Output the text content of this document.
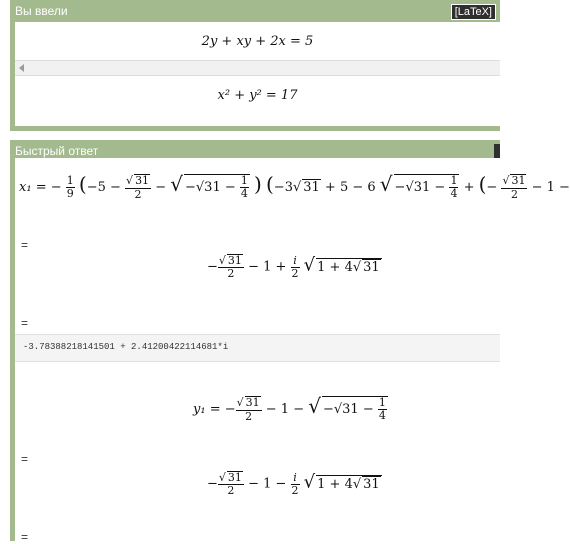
Вы ввели	[LaTeX]
2y + xy + 2x = 5
x² + y² = 17
Быстрый ответ
x₁ = − $\frac{1}{9} (-5 - \frac{√ 31}{2}$ − √ $-√31 - \frac{1}{4}$ ) (−3√ 31 + 5 − 6 √ $-√31 - \frac{1}{4}$ + (− $\frac{√ 31}{2} - 1$ −
=
− $\frac{√ 31}{2} - 1 + \frac{i}{2}$ √ 1 + 4√ 31
=
-3.78388218141501 + 2.41200422114681*i
y₁ = − $\frac{√ 31}{2} - 1$ − √ $-√31 - \frac{1}{4}$
=
− $\frac{√ 31}{2} - 1 - \frac{i}{2}$ √ 1 + 4√ 31
=
